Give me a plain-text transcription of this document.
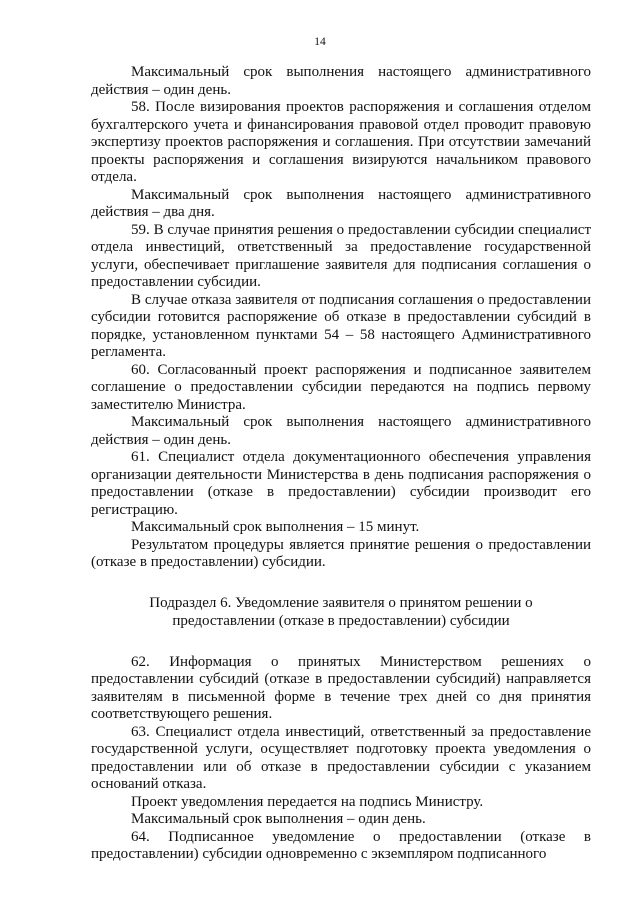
14

Максимальный срок выполнения настоящего административного действия – один день.

58. После визирования проектов распоряжения и соглашения отделом бухгалтерского учета и финансирования правовой отдел проводит правовую экспертизу проектов распоряжения и соглашения. При отсутствии замечаний проекты распоряжения и соглашения визируются начальником правового отдела.

Максимальный срок выполнения настоящего административного действия – два дня.

59. В случае принятия решения о предоставлении субсидии специалист отдела инвестиций, ответственный за предоставление государственной услуги, обеспечивает приглашение заявителя для подписания соглашения о предоставлении субсидии.

В случае отказа заявителя от подписания соглашения о предоставлении субсидии готовится распоряжение об отказе в предоставлении субсидий в порядке, установленном пунктами 54 – 58 настоящего Административного регламента.

60. Согласованный проект распоряжения и подписанное заявителем соглашение о предоставлении субсидии передаются на подпись первому заместителю Министра.

Максимальный срок выполнения настоящего административного действия – один день.

61. Специалист отдела документационного обеспечения управления организации деятельности Министерства в день подписания распоряжения о предоставлении (отказе в предоставлении) субсидии производит его регистрацию.

Максимальный срок выполнения – 15 минут.

Результатом процедуры является принятие решения о предоставлении (отказе в предоставлении) субсидии.

Подраздел 6. Уведомление заявителя о принятом решении о

предоставлении (отказе в предоставлении) субсидии

62. Информация о принятых Министерством решениях о предоставлении субсидий (отказе в предоставлении субсидий) направляется заявителям в письменной форме в течение трех дней со дня принятия соответствующего решения.

63. Специалист отдела инвестиций, ответственный за предоставление государственной услуги, осуществляет подготовку проекта уведомления о предоставлении или об отказе в предоставлении субсидии с указанием оснований отказа.

Проект уведомления передается на подпись Министру.

Максимальный срок выполнения – один день.

64. Подписанное уведомление о предоставлении (отказе в предоставлении) субсидии одновременно с экземпляром подписанного
